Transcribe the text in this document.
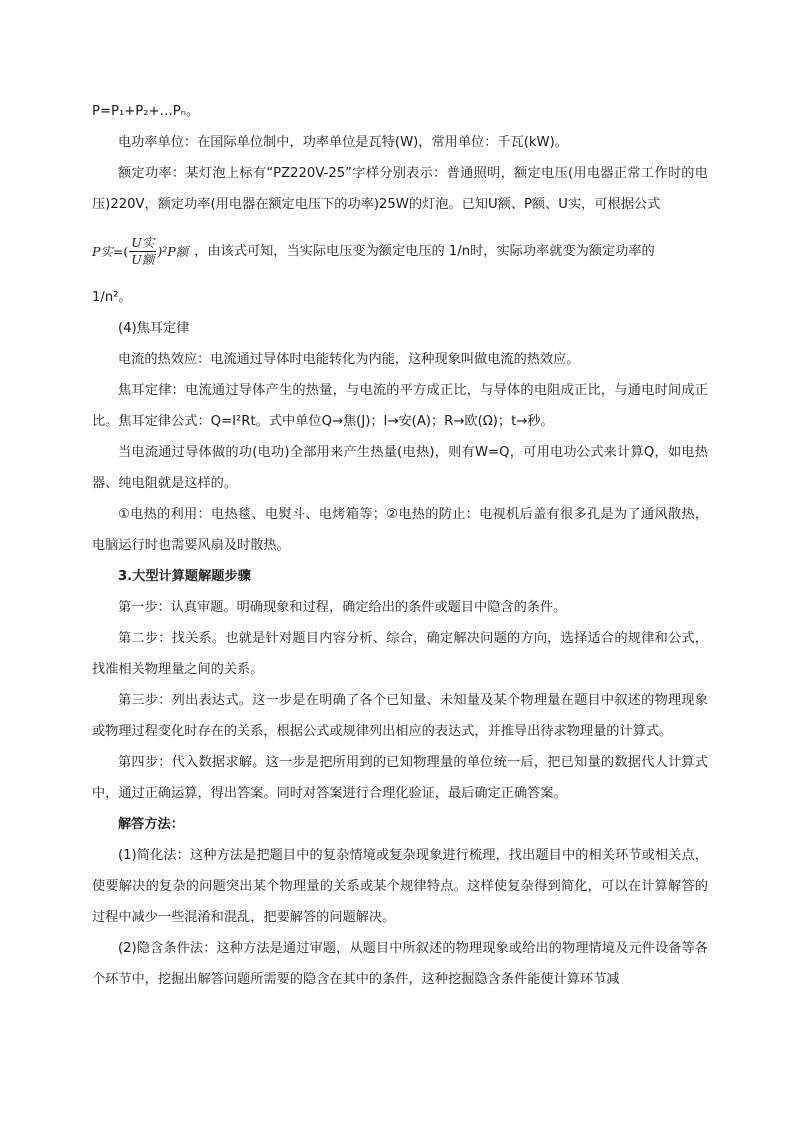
P=P₁+P₂+…Pₙ。

电功率单位：在国际单位制中，功率单位是瓦特(W)，常用单位：千瓦(kW)。

额定功率：某灯泡上标有“PZ220V-25”字样分别表示：普通照明，额定电压(用电器正常工作时的电压)220V，额定功率(用电器在额定电压下的功率)25W的灯泡。已知U额、P额、U实，可根据公式

P实 =( $\frac{\text{U实}}{\text{U额}} )^2P$额 ，由该式可知，当实际电压变为额定电压的 1/n时，实际功率就变为额定功率的

1/n²。

(4)焦耳定律

电流的热效应：电流通过导体时电能转化为内能，这种现象叫做电流的热效应。

焦耳定律：电流通过导体产生的热量，与电流的平方成正比，与导体的电阻成正比，与通电时间成正比。焦耳定律公式：Q=I²Rt。式中单位Q→焦(J)；I→安(A)；R→欧(Ω)；t→秒。

当电流通过导体做的功(电功)全部用来产生热量(电热)，则有W=Q，可用电功公式来计算Q，如电热器、纯电阻就是这样的。

①电热的利用：电热毯、电熨斗、电烤箱等；②电热的防止：电视机后盖有很多孔是为了通风散热，电脑运行时也需要风扇及时散热。

3.大型计算题解题步骤

第一步：认真审题。明确现象和过程，确定给出的条件或题目中隐含的条件。

第二步：找关系。也就是针对题目内容分析、综合，确定解决问题的方向，选择适合的规律和公式，找准相关物理量之间的关系。

第三步：列出表达式。这一步是在明确了各个已知量、未知量及某个物理量在题目中叙述的物理现象或物理过程变化时存在的关系，根据公式或规律列出相应的表达式，并推导出待求物理量的计算式。

第四步：代入数据求解。这一步是把所用到的已知物理量的单位统一后，把已知量的数据代人计算式中，通过正确运算，得出答案。同时对答案进行合理化验证，最后确定正确答案。

解答方法：

(1)简化法：这种方法是把题目中的复杂情境或复杂现象进行梳理，找出题目中的相关环节或相关点，使要解决的复杂的问题突出某个物理量的关系或某个规律特点。这样使复杂得到简化，可以在计算解答的过程中减少一些混淆和混乱，把要解答的问题解决。

(2)隐含条件法：这种方法是通过审题，从题目中所叙述的物理现象或给出的物理情境及元件设备等各个环节中，挖掘出解答问题所需要的隐含在其中的条件，这种挖掘隐含条件能使计算环节减
